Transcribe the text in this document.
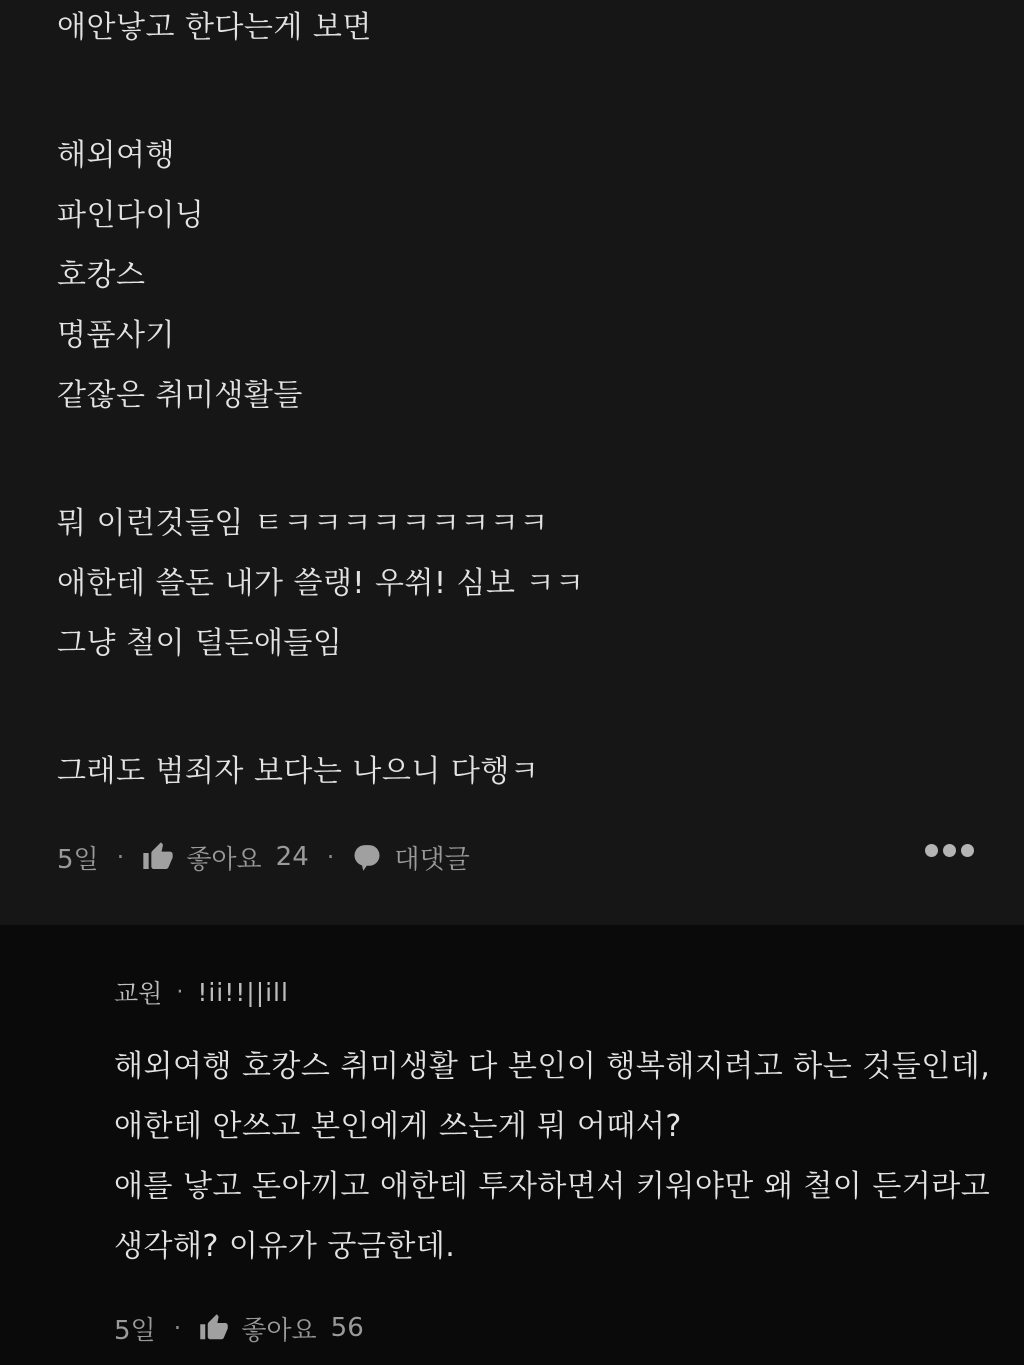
애안낳고 한다는게 보면

해외여행

파인다이닝

호캉스

명품사기

같잖은 취미생활들

뭐 이런것들임 ㅌㅋㅋㅋㅋㅋㅋㅋㅋㅋ

애한테 쓸돈 내가 쓸랭! 우쒸! 심보 ㅋㅋ

그냥 철이 덜든애들임

그래도 범죄자 보다는 나으니 다행ㅋ

5일 · 좋아요 24 · 대댓글
교원 · !ii!!||ill

해외여행 호캉스 취미생활 다 본인이 행복해지려고 하는 것들인데,

애한테 안쓰고 본인에게 쓰는게 뭐 어때서?

애를 낳고 돈아끼고 애한테 투자하면서 키워야만 왜 철이 든거라고

생각해? 이유가 궁금한데.

5일 · 좋아요 56
